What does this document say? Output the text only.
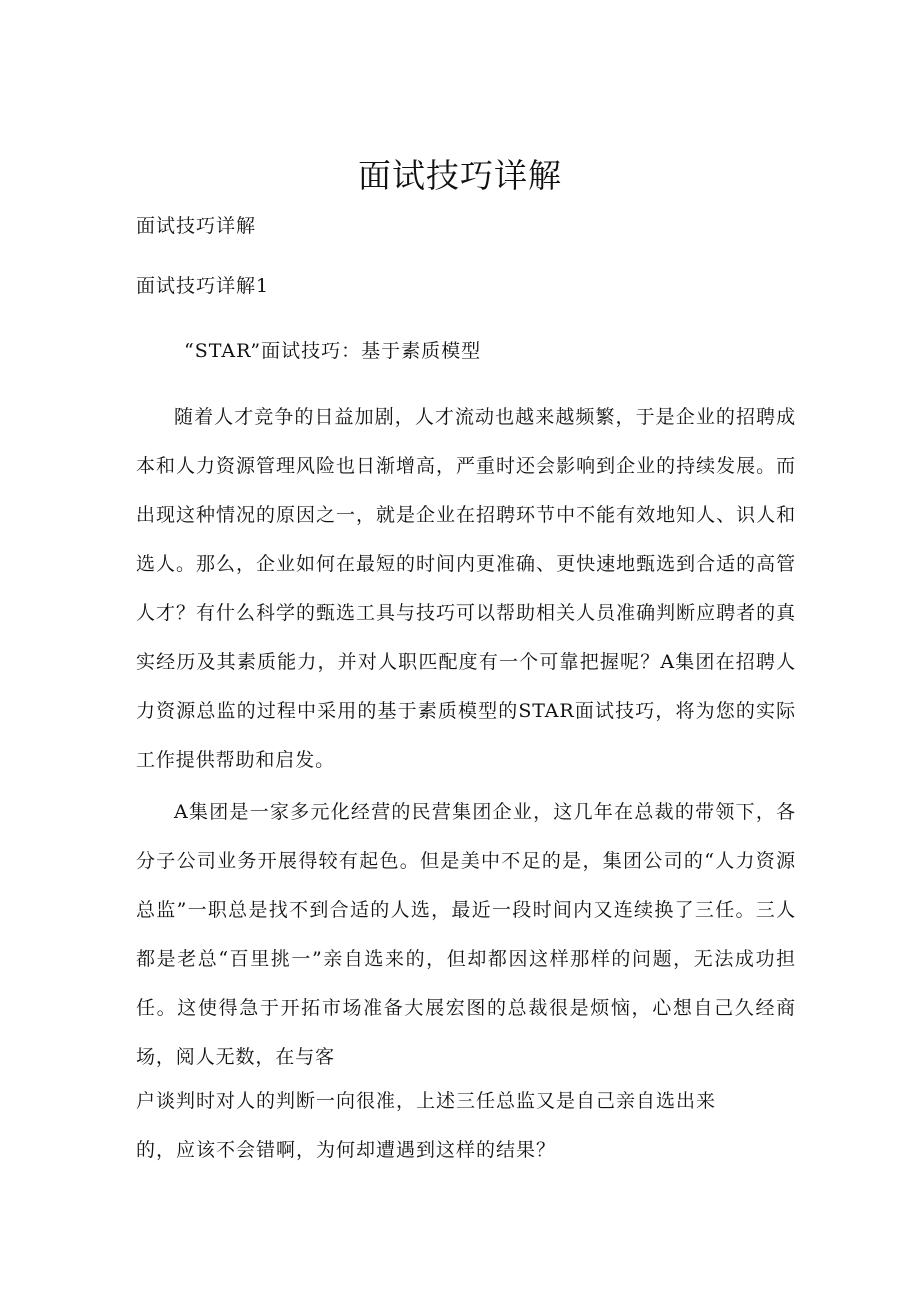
面试技巧详解

面试技巧详解

面试技巧详解1

“STAR”面试技巧：基于素质模型

随着人才竞争的日益加剧，人才流动也越来越频繁，于是企业的招聘成本和人力资源管理风险也日渐增高，严重时还会影响到企业的持续发展。而出现这种情况的原因之一，就是企业在招聘环节中不能有效地知人、识人和选人。那么，企业如何在最短的时间内更准确、更快速地甄选到合适的高管人才？有什么科学的甄选工具与技巧可以帮助相关人员准确判断应聘者的真实经历及其素质能力，并对人职匹配度有一个可靠把握呢？A集团在招聘人力资源总监的过程中采用的基于素质模型的STAR面试技巧，将为您的实际工作提供帮助和启发。

A集团是一家多元化经营的民营集团企业，这几年在总裁的带领下，各分子公司业务开展得较有起色。但是美中不足的是，集团公司的“人力资源总监”一职总是找不到合适的人选，最近一段时间内又连续换了三任。三人都是老总“百里挑一”亲自选来的，但却都因这样那样的问题，无法成功担任。这使得急于开拓市场准备大展宏图的总裁很是烦恼，心想自己久经商场，阅人无数，在与客

户谈判时对人的判断一向很准，上述三任总监又是自己亲自选出来

的，应该不会错啊，为何却遭遇到这样的结果？
